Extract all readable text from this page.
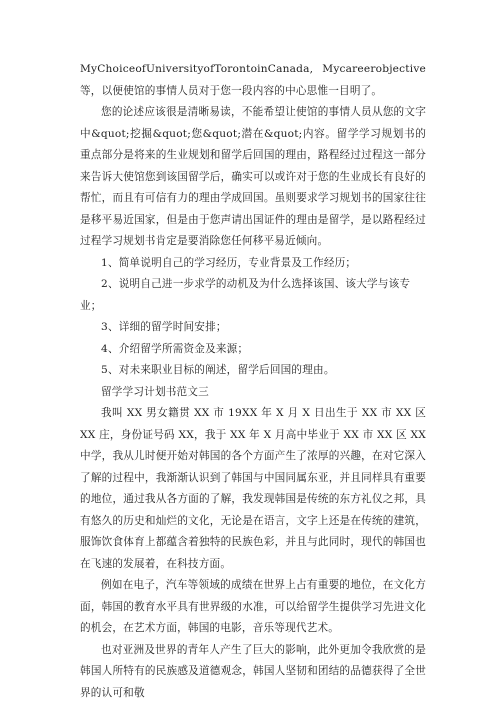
MyChoiceofUniversityofTorontoinCanada, Mycareerobjective 等，以便使馆的事情人员对于您一段内容的中心思惟一目明了。

您的论述应该很是清晰易读，不能希望让使馆的事情人员从您的文字中&quot;挖掘&quot;您&quot;潜在&quot;内容。留学学习规划书的重点部分是将来的生业规划和留学后回国的理由，路程经过过程这一部分来告诉大使馆您到该国留学后，确实可以或许对于您的生业成长有良好的帮忙，而且有可信有力的理由学成回国。虽则要求学习规划书的国家往往是移平易近国家，但是由于您声请出国证件的理由是留学，是以路程经过过程学习规划书肯定是要消除您任何移平易近倾向。

1、简单说明自己的学习经历，专业背景及工作经历；

2、说明自己进一步求学的动机及为什么选择该国、该大学与该专业；

3、详细的留学时间安排；

4、介绍留学所需资金及来源；

5、对未来职业目标的阐述，留学后回国的理由。

留学学习计划书范文三

我叫 XX 男女籍贯 XX 市 19XX 年 X 月 X 日出生于 XX 市 XX 区 XX 庄，身份证号码 XX，我于 XX 年 X 月高中毕业于 XX 市 XX 区 XX 中学，我从儿时便开始对韩国的各个方面产生了浓厚的兴趣，在对它深入了解的过程中，我渐渐认识到了韩国与中国同属东亚，并且同样具有重要的地位，通过我从各方面的了解，我发现韩国是传统的东方礼仪之邦，具有悠久的历史和灿烂的文化，无论是在语言，文字上还是在传统的建筑，服饰饮食体育上都蕴含着独特的民族色彩，并且与此同时，现代的韩国也在飞速的发展着，在科技方面。

例如在电子，汽车等领域的成绩在世界上占有重要的地位，在文化方面，韩国的教育水平具有世界级的水准，可以给留学生提供学习先进文化的机会，在艺术方面，韩国的电影，音乐等现代艺术。

也对亚洲及世界的青年人产生了巨大的影响，此外更加令我欣赏的是韩国人所特有的民族感及道德观念，韩国人坚韧和团结的品德获得了全世界的认可和敬
